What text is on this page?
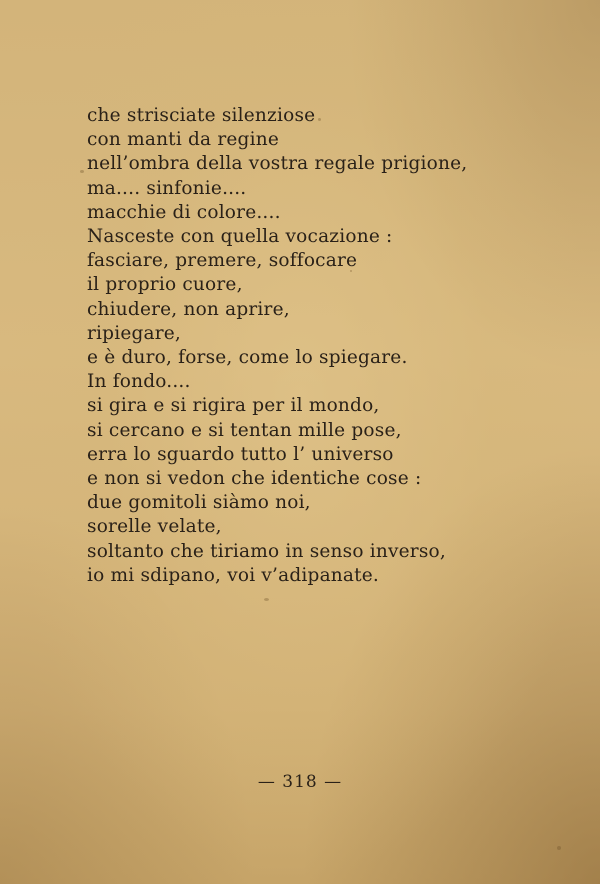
che strisciate silenziose
con manti da regine
nell’ombra della vostra regale prigione,
ma.... sinfonie....
macchie di colore....
Nasceste con quella vocazione :
fasciare, premere, soffocare
il proprio cuore,
chiudere, non aprire,
ripiegare,
e è duro, forse, come lo spiegare.
In fondo....
si gira e si rigira per il mondo,
si cercano e si tentan mille pose,
erra lo sguardo tutto l’ universo
e non si vedon che identiche cose :
due gomitoli siàmo noi,
sorelle velate,
soltanto che tiriamo in senso inverso,
io mi sdipano, voi v’adipanate.
— 318 —
